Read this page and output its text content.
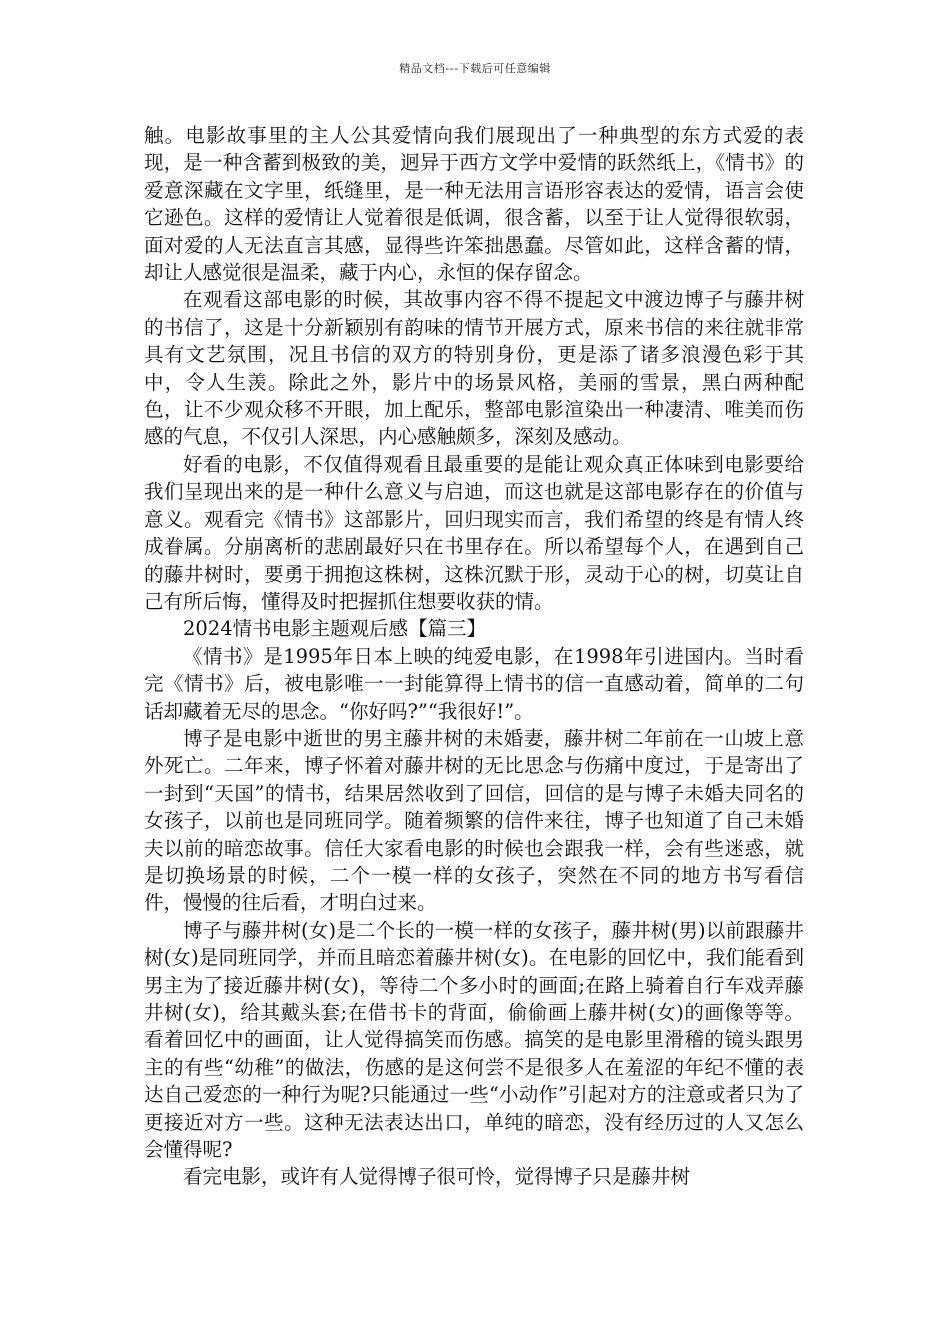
精品文档---下载后可任意编辑

触。电影故事里的主人公其爱情向我们展现出了一种典型的东方式爱的表现，是一种含蓄到极致的美，迥异于西方文学中爱情的跃然纸上，《情书》的爱意深藏在文字里，纸缝里，是一种无法用言语形容表达的爱情，语言会使它逊色。这样的爱情让人觉着很是低调，很含蓄，以至于让人觉得很软弱，面对爱的人无法直言其感，显得些许笨拙愚蠢。尽管如此，这样含蓄的情，却让人感觉很是温柔，藏于内心，永恒的保存留念。

在观看这部电影的时候，其故事内容不得不提起文中渡边博子与藤井树的书信了，这是十分新颖别有韵味的情节开展方式，原来书信的来往就非常具有文艺氛围，况且书信的双方的特别身份，更是添了诸多浪漫色彩于其中，令人生羡。除此之外，影片中的场景风格，美丽的雪景，黑白两种配色，让不少观众移不开眼，加上配乐，整部电影渲染出一种凄清、唯美而伤感的气息，不仅引人深思，内心感触颇多，深刻及感动。

好看的电影，不仅值得观看且最重要的是能让观众真正体味到电影要给我们呈现出来的是一种什么意义与启迪，而这也就是这部电影存在的价值与意义。观看完《情书》这部影片，回归现实而言，我们希望的终是有情人终成眷属。分崩离析的悲剧最好只在书里存在。所以希望每个人，在遇到自己的藤井树时，要勇于拥抱这株树，这株沉默于形，灵动于心的树，切莫让自己有所后悔，懂得及时把握抓住想要收获的情。

2024情书电影主题观后感【篇三】

《情书》是1995年日本上映的纯爱电影，在1998年引进国内。当时看完《情书》后，被电影唯一一封能算得上情书的信一直感动着，简单的二句话却藏着无尽的思念。“你好吗?”“我很好!”。

博子是电影中逝世的男主藤井树的未婚妻，藤井树二年前在一山坡上意外死亡。二年来，博子怀着对藤井树的无比思念与伤痛中度过，于是寄出了一封到“天国”的情书，结果居然收到了回信，回信的是与博子未婚夫同名的女孩子，以前也是同班同学。随着频繁的信件来往，博子也知道了自己未婚夫以前的暗恋故事。信任大家看电影的时候也会跟我一样，会有些迷惑，就是切换场景的时候，二个一模一样的女孩子，突然在不同的地方书写看信件，慢慢的往后看，才明白过来。

博子与藤井树(女)是二个长的一模一样的女孩子，藤井树(男)以前跟藤井树(女)是同班同学，并而且暗恋着藤井树(女)。在电影的回忆中，我们能看到男主为了接近藤井树(女)，等待二个多小时的画面;在路上骑着自行车戏弄藤井树(女)，给其戴头套;在借书卡的背面，偷偷画上藤井树(女)的画像等等。看着回忆中的画面，让人觉得搞笑而伤感。搞笑的是电影里滑稽的镜头跟男主的有些“幼稚”的做法，伤感的是这何尝不是很多人在羞涩的年纪不懂的表达自己爱恋的一种行为呢?只能通过一些“小动作”引起对方的注意或者只为了更接近对方一些。这种无法表达出口，单纯的暗恋，没有经历过的人又怎么会懂得呢?

看完电影，或许有人觉得博子很可怜，觉得博子只是藤井树
